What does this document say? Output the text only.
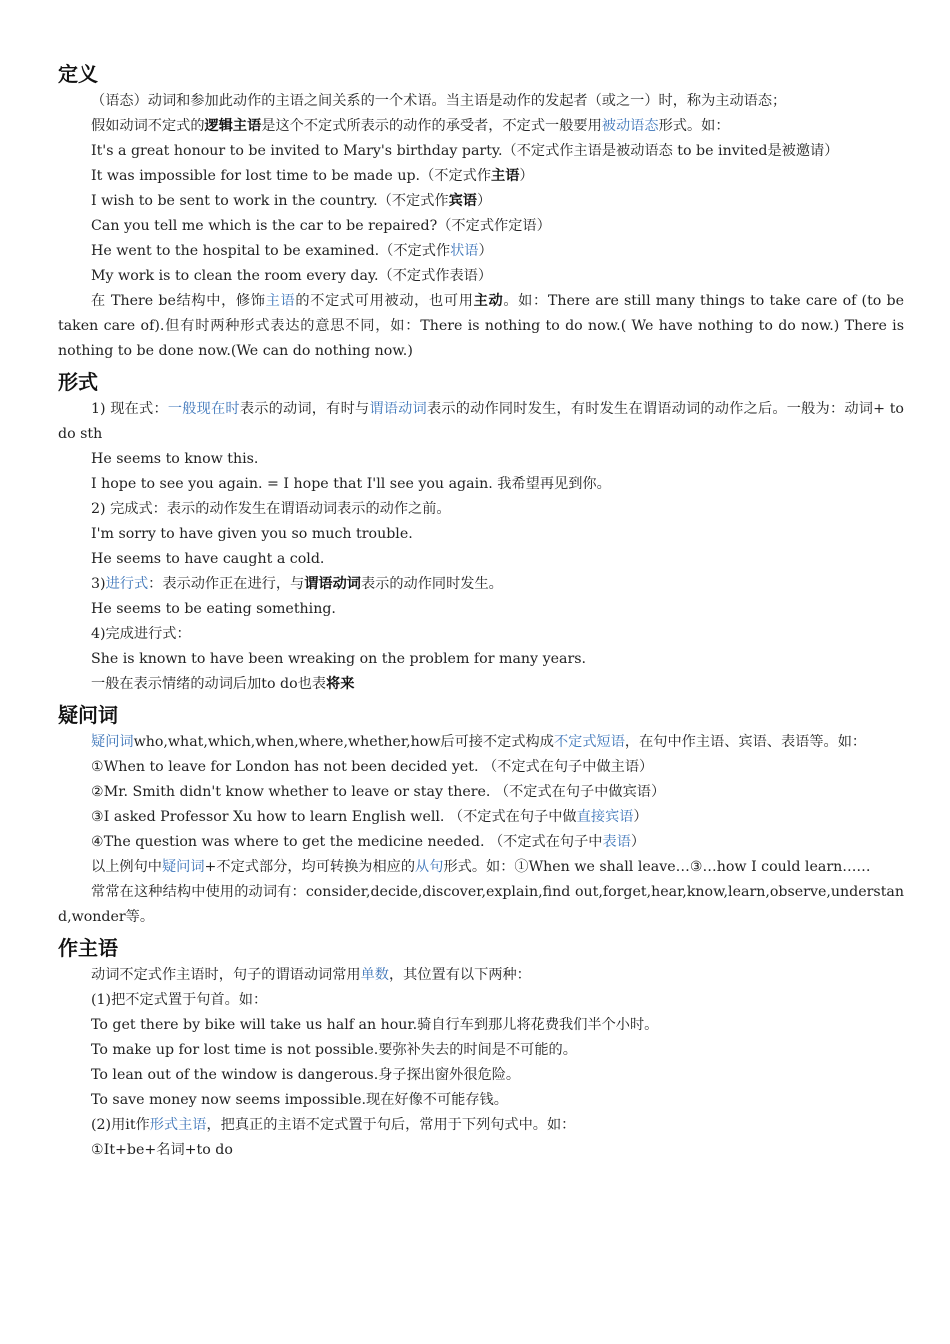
定义

（语态）动词和参加此动作的主语之间关系的一个术语。当主语是动作的发起者（或之一）时，称为主动语态；

假如动词不定式的逻辑主语是这个不定式所表示的动作的承受者，不定式一般要用被动语态形式。如：

It's a great honour to be invited to Mary's birthday party.（不定式作主语是被动语态 to be invited是被邀请）

It was impossible for lost time to be made up.（不定式作主语）

I wish to be sent to work in the country.（不定式作宾语）

Can you tell me which is the car to be repaired?（不定式作定语）

He went to the hospital to be examined.（不定式作状语）

My work is to clean the room every day.（不定式作表语）

在 There be结构中，修饰主语的不定式可用被动，也可用主动。如：There are still many things to take care of (to be taken care of).但有时两种形式表达的意思不同，如：There is nothing to do now.( We have nothing to do now.) There is nothing to be done now.(We can do nothing now.)

形式

1) 现在式：一般现在时表示的动词，有时与谓语动词表示的动作同时发生，有时发生在谓语动词的动作之后。一般为：动词+ to do sth

He seems to know this.

I hope to see you again. = I hope that I'll see you again. 我希望再见到你。

2) 完成式：表示的动作发生在谓语动词表示的动作之前。

I'm sorry to have given you so much trouble.

He seems to have caught a cold.

3)进行式：表示动作正在进行，与谓语动词表示的动作同时发生。

He seems to be eating something.

4)完成进行式：

She is known to have been wreaking on the problem for many years.

一般在表示情绪的动词后加to do也表将来

疑问词

疑问词who,what,which,when,where,whether,how后可接不定式构成不定式短语，在句中作主语、宾语、表语等。如：

①When to leave for London has not been decided yet. （不定式在句子中做主语）

②Mr. Smith didn't know whether to leave or stay there. （不定式在句子中做宾语）

③I asked Professor Xu how to learn English well. （不定式在句子中做直接宾语）

④The question was where to get the medicine needed. （不定式在句子中表语）

以上例句中疑问词+不定式部分，均可转换为相应的从句形式。如：①When we shall leave…③…how I could learn……

常常在这种结构中使用的动词有：consider,decide,discover,explain,find out,forget,hear,know,learn,observe,understand,wonder等。

作主语

动词不定式作主语时，句子的谓语动词常用单数，其位置有以下两种：

(1)把不定式置于句首。如：

To get there by bike will take us half an hour.骑自行车到那儿将花费我们半个小时。

To make up for lost time is not possible.要弥补失去的时间是不可能的。

To lean out of the window is dangerous.身子探出窗外很危险。

To save money now seems impossible.现在好像不可能存钱。

(2)用it作形式主语，把真正的主语不定式置于句后，常用于下列句式中。如：

①It+be+名词+to do
